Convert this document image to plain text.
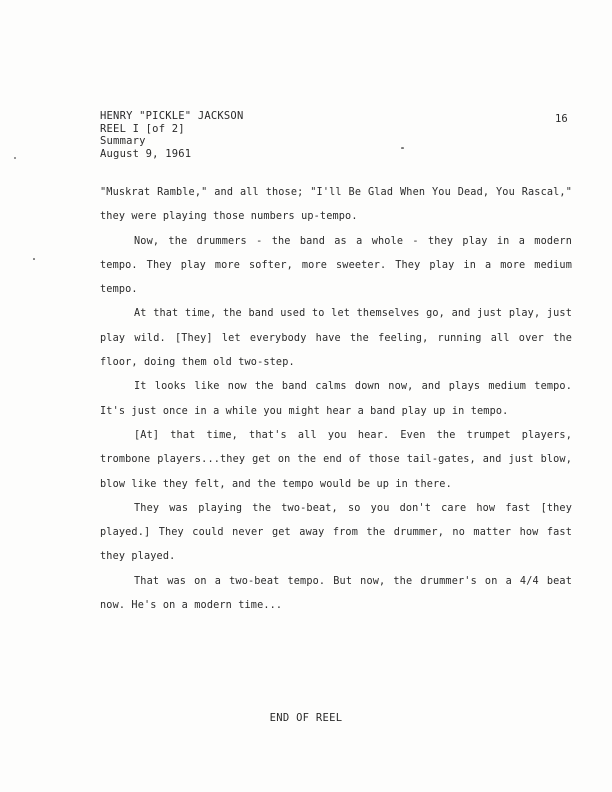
HENRY "PICKLE" JACKSON
REEL I [of 2]
Summary
August 9, 1961
16

"Muskrat Ramble," and all those; "I'll Be Glad When You Dead, You Rascal," they were playing those numbers up-tempo.

Now, the drummers - the band as a whole - they play in a modern tempo. They play more softer, more sweeter. They play in a more medium tempo.

At that time, the band used to let themselves go, and just play, just play wild. [They] let everybody have the feeling, running all over the floor, doing them old two-step.

It looks like now the band calms down now, and plays medium tempo. It's just once in a while you might hear a band play up in tempo.

[At] that time, that's all you hear. Even the trumpet players, trombone players...they get on the end of those tail-gates, and just blow, blow like they felt, and the tempo would be up in there.

They was playing the two-beat, so you don't care how fast [they played.] They could never get away from the drummer, no matter how fast they played.

That was on a two-beat tempo. But now, the drummer's on a 4/4 beat now. He's on a modern time...

END OF REEL
